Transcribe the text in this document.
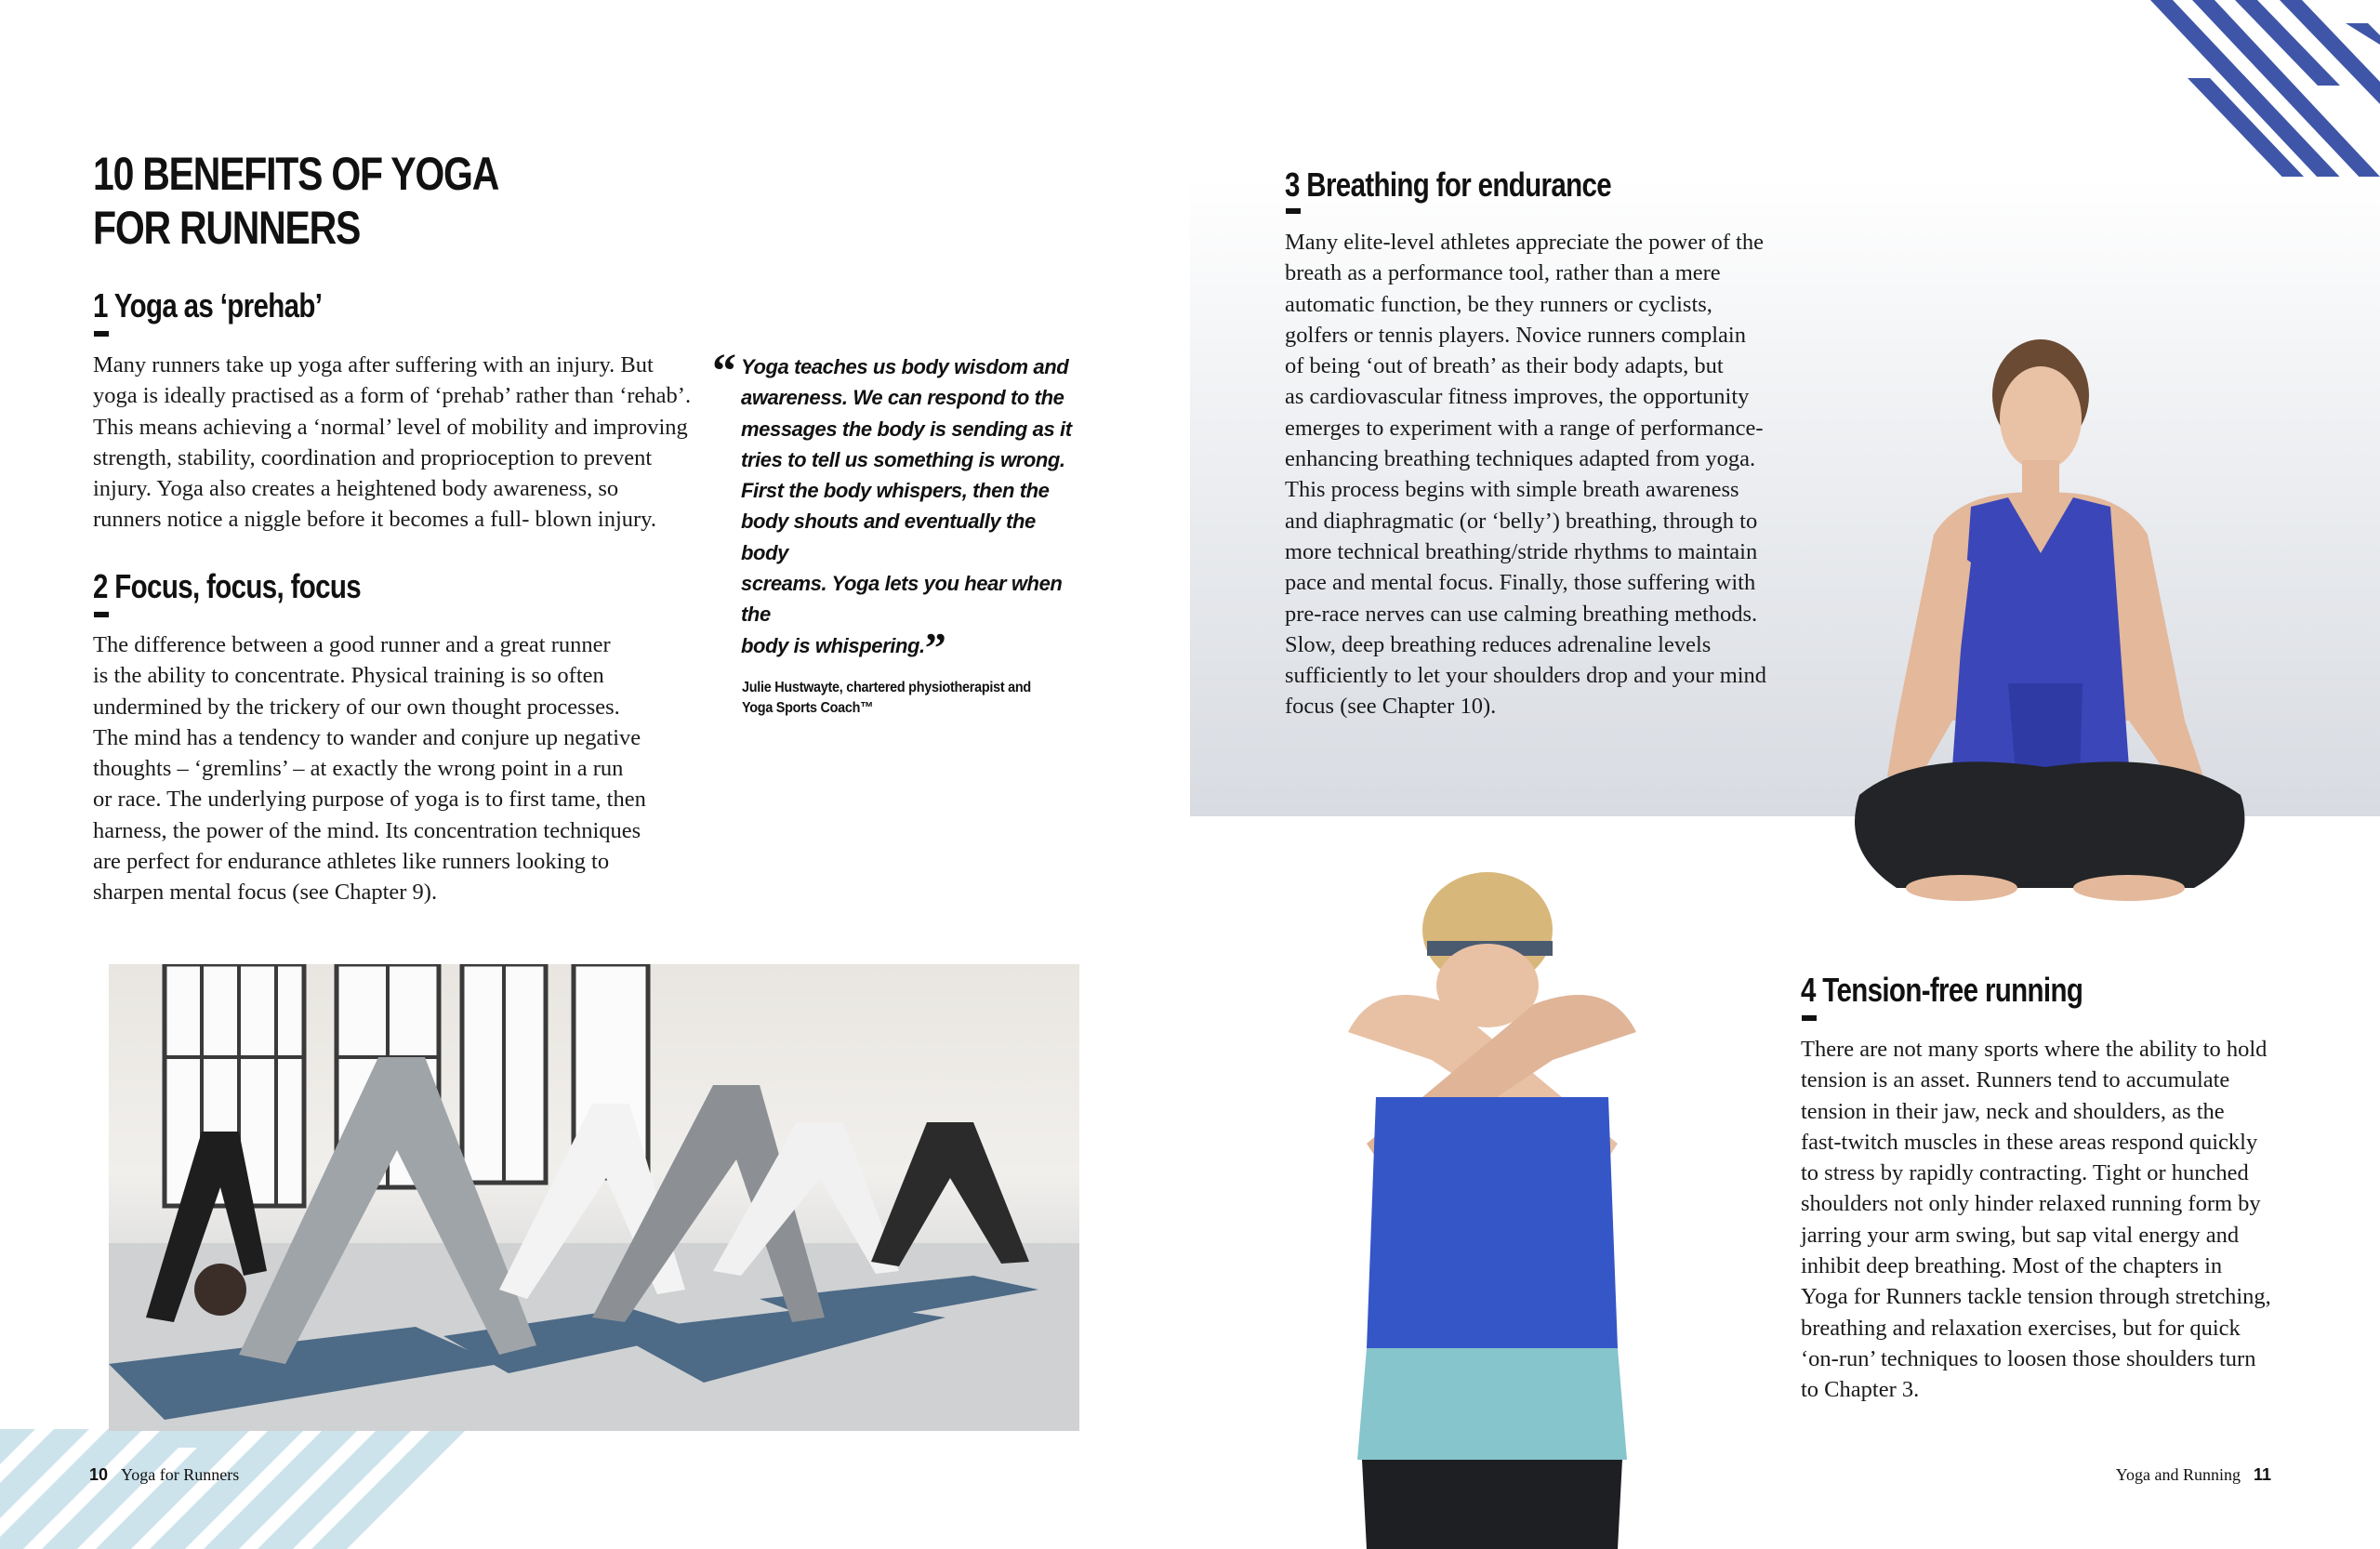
10 BENEFITS OF YOGA
FOR RUNNERS
1 Yoga as ‘prehab’
Many runners take up yoga after suffering with an injury. But
yoga is ideally practised as a form of ‘prehab’ rather than ‘rehab’.
This means achieving a ‘normal’ level of mobility and improving
strength, stability, coordination and proprioception to prevent
injury. Yoga also creates a heightened body awareness, so
runners notice a niggle before it becomes a full- blown injury.
2 Focus, focus, focus
The difference between a good runner and a great runner
is the ability to concentrate. Physical training is so often
undermined by the trickery of our own thought processes.
The mind has a tendency to wander and conjure up negative
thoughts – ‘gremlins’ – at exactly the wrong point in a run
or race. The underlying purpose of yoga is to first tame, then
harness, the power of the mind. Its concentration techniques
are perfect for endurance athletes like runners looking to
sharpen mental focus (see Chapter 9).
“ Yoga teaches us body wisdom and
awareness. We can respond to the
messages the body is sending as it
tries to tell us something is wrong.
First the body whispers, then the
body shouts and eventually the body
screams. Yoga lets you hear when the
body is whispering.”
Julie Hustwayte, chartered physiotherapist and
Yoga Sports Coach™
10 Yoga for Runners
3 Breathing for endurance
Many elite-level athletes appreciate the power of the
breath as a performance tool, rather than a mere
automatic function, be they runners or cyclists,
golfers or tennis players. Novice runners complain
of being ‘out of breath’ as their body adapts, but
as cardiovascular fitness improves, the opportunity
emerges to experiment with a range of performance-
enhancing breathing techniques adapted from yoga.
This process begins with simple breath awareness
and diaphragmatic (or ‘belly’) breathing, through to
more technical breathing/stride rhythms to maintain
pace and mental focus. Finally, those suffering with
pre-race nerves can use calming breathing methods.
Slow, deep breathing reduces adrenaline levels
sufficiently to let your shoulders drop and your mind
focus (see Chapter 10).
4 Tension-free running
There are not many sports where the ability to hold
tension is an asset. Runners tend to accumulate
tension in their jaw, neck and shoulders, as the
fast-twitch muscles in these areas respond quickly
to stress by rapidly contracting. Tight or hunched
shoulders not only hinder relaxed running form by
jarring your arm swing, but sap vital energy and
inhibit deep breathing. Most of the chapters in
Yoga for Runners tackle tension through stretching,
breathing and relaxation exercises, but for quick
‘on-run’ techniques to loosen those shoulders turn
to Chapter 3.
Yoga and Running 11
